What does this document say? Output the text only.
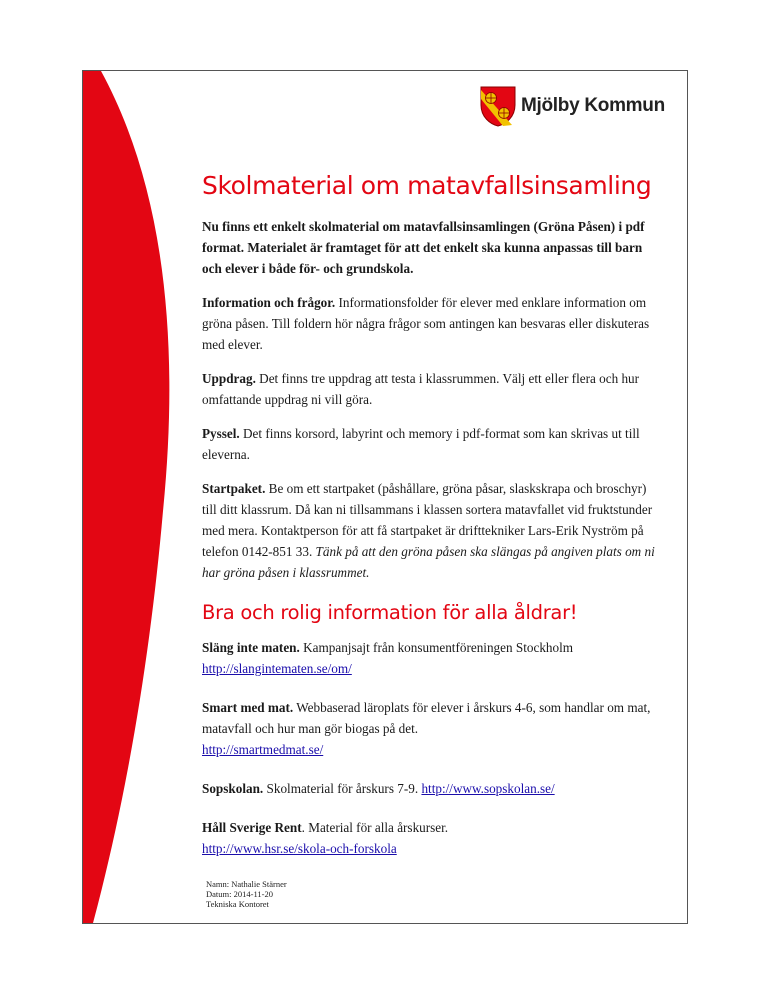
Mjölby Kommun
Skolmaterial om matavfallsinsamling

Nu finns ett enkelt skolmaterial om matavfallsinsamlingen (Gröna Påsen) i pdf format. Materialet är framtaget för att det enkelt ska kunna anpassas till barn och elever i både för- och grundskola.

Information och frågor. Informationsfolder för elever med enklare information om gröna påsen. Till foldern hör några frågor som antingen kan besvaras eller diskuteras med elever.

Uppdrag. Det finns tre uppdrag att testa i klassrummen. Välj ett eller flera och hur omfattande uppdrag ni vill göra.

Pyssel. Det finns korsord, labyrint och memory i pdf-format som kan skrivas ut till eleverna.

Startpaket. Be om ett startpaket (påshållare, gröna påsar, slaskskrapa och broschyr) till ditt klassrum. Då kan ni tillsammans i klassen sortera matavfallet vid fruktstunder med mera. Kontaktperson för att få startpaket är drifttekniker Lars-Erik Nyström på telefon 0142-851 33. Tänk på att den gröna påsen ska slängas på angiven plats om ni har gröna påsen i klassrummet.

Bra och rolig information för alla åldrar!

Släng inte maten. Kampanjsajt från konsumentföreningen Stockholm
http://slangintematen.se/om/

Smart med mat. Webbaserad läroplats för elever i årskurs 4-6, som handlar om mat, matavfall och hur man gör biogas på det.
http://smartmedmat.se/

Sopskolan. Skolmaterial för årskurs 7-9. http://www.sopskolan.se/

Håll Sverige Rent. Material för alla årskurser.
http://www.hsr.se/skola-och-forskola

Namn: Nathalie Stärner
Datum: 2014-11-20
Tekniska Kontoret
